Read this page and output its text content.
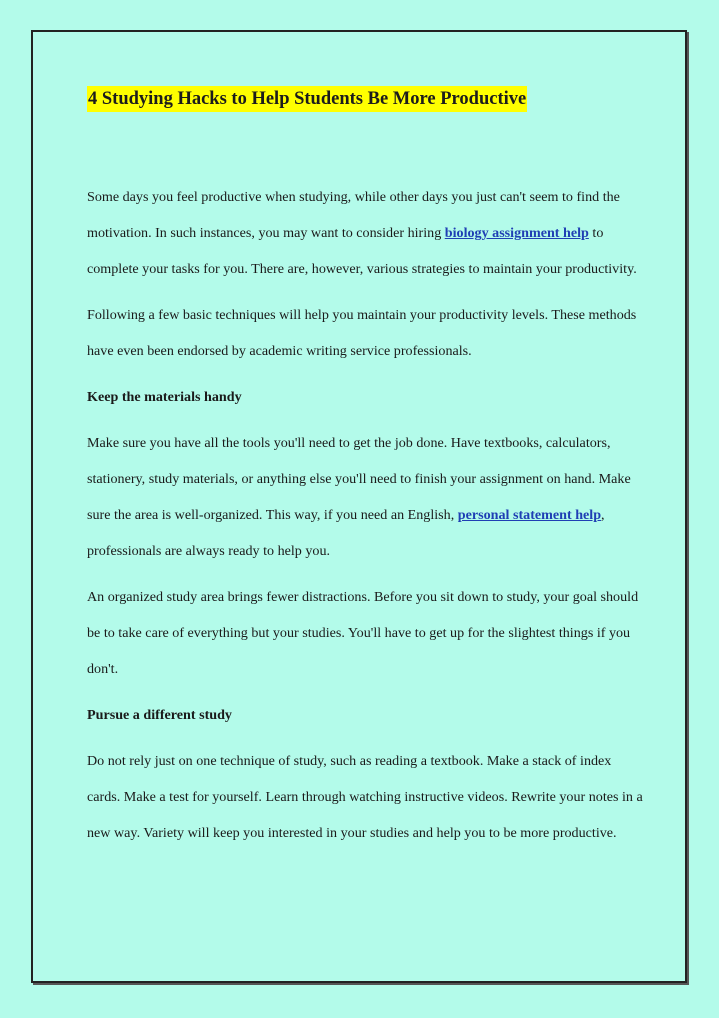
4 Studying Hacks to Help Students Be More Productive

Some days you feel productive when studying, while other days you just can't seem to find the motivation. In such instances, you may want to consider hiring biology assignment help to complete your tasks for you. There are, however, various strategies to maintain your productivity.

Following a few basic techniques will help you maintain your productivity levels. These methods have even been endorsed by academic writing service professionals.

Keep the materials handy

Make sure you have all the tools you'll need to get the job done. Have textbooks, calculators, stationery, study materials, or anything else you'll need to finish your assignment on hand. Make sure the area is well-organized. This way, if you need an English, personal statement help, professionals are always ready to help you.

An organized study area brings fewer distractions. Before you sit down to study, your goal should be to take care of everything but your studies. You'll have to get up for the slightest things if you don't.

Pursue a different study

Do not rely just on one technique of study, such as reading a textbook. Make a stack of index cards. Make a test for yourself. Learn through watching instructive videos. Rewrite your notes in a new way. Variety will keep you interested in your studies and help you to be more productive.
